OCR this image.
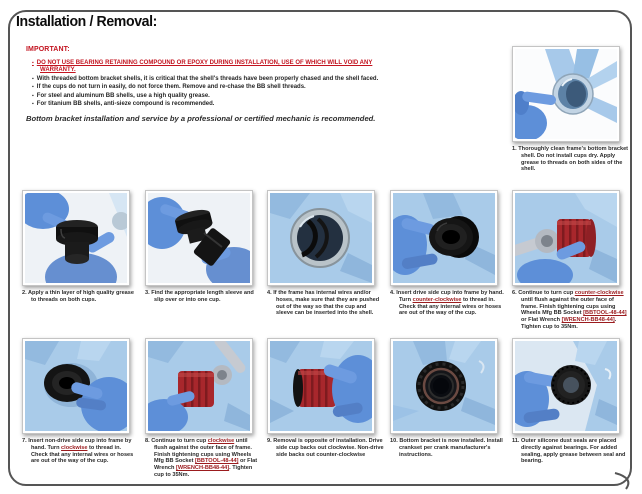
Installation / Removal:
IMPORTANT:
▪ DO NOT USE BEARING RETAINING COMPOUND OR EPOXY DURING INSTALLATION, USE OF WHICH WILL VOID ANY WARRANTY.
▪ With threaded bottom bracket shells, it is critical that the shell's threads have been properly chased and the shell faced.
▪ If the cups do not turn in easily, do not force them. Remove and re-chase the BB shell threads.
▪ For steel and aluminum BB shells, use a high quality grease.
▪ For titanium BB shells, anti-sieze compound is recommended.
Bottom bracket installation and service by a professional or certified mechanic is recommended.
1. Thoroughly clean frame's bottom bracket shell. Do not install cups dry. Apply grease to threads on both sides of the shell.
2. Apply a thin layer of high quality grease to threads on both cups.
3. Find the appropriate length sleeve and slip over or into one cup.
4. If the frame has internal wires and/or hoses, make sure that they are pushed out of the way so that the cup and sleeve can be inserted into the shell.
4. Insert drive side cup into frame by hand. Turn counter-clockwise to thread in. Check that any internal wires or hoses are out of the way of the cup.
6. Continue to turn cup counter-clockwise until flush against the outer face of frame. Finish tightening cups using Wheels Mfg BB Socket [BBTOOL-48-44] or Flat Wrench [WRENCH-BB48-44]. Tighten cup to 35Nm.
7. Insert non-drive side cup into frame by hand. Turn clockwise to thread in. Check that any internal wires or hoses are out of the way of the cup.
8. Continue to turn cup clockwise until flush against the outer face of frame. Finish tightening cups using Wheels Mfg BB Socket [BBTOOL-48-44] or Flat Wrench [WRENCH-BB48-44]. Tighten cup to 35Nm.
9. Removal is opposite of installation. Drive side cup backs out clockwise. Non-drive side backs out counter-clockwise
10. Bottom bracket is now installed. Install crankset per crank manufacturer's instructions.
11. Outer silicone dust seals are placed directly against bearings. For added sealing, apply grease between seal and bearing.
